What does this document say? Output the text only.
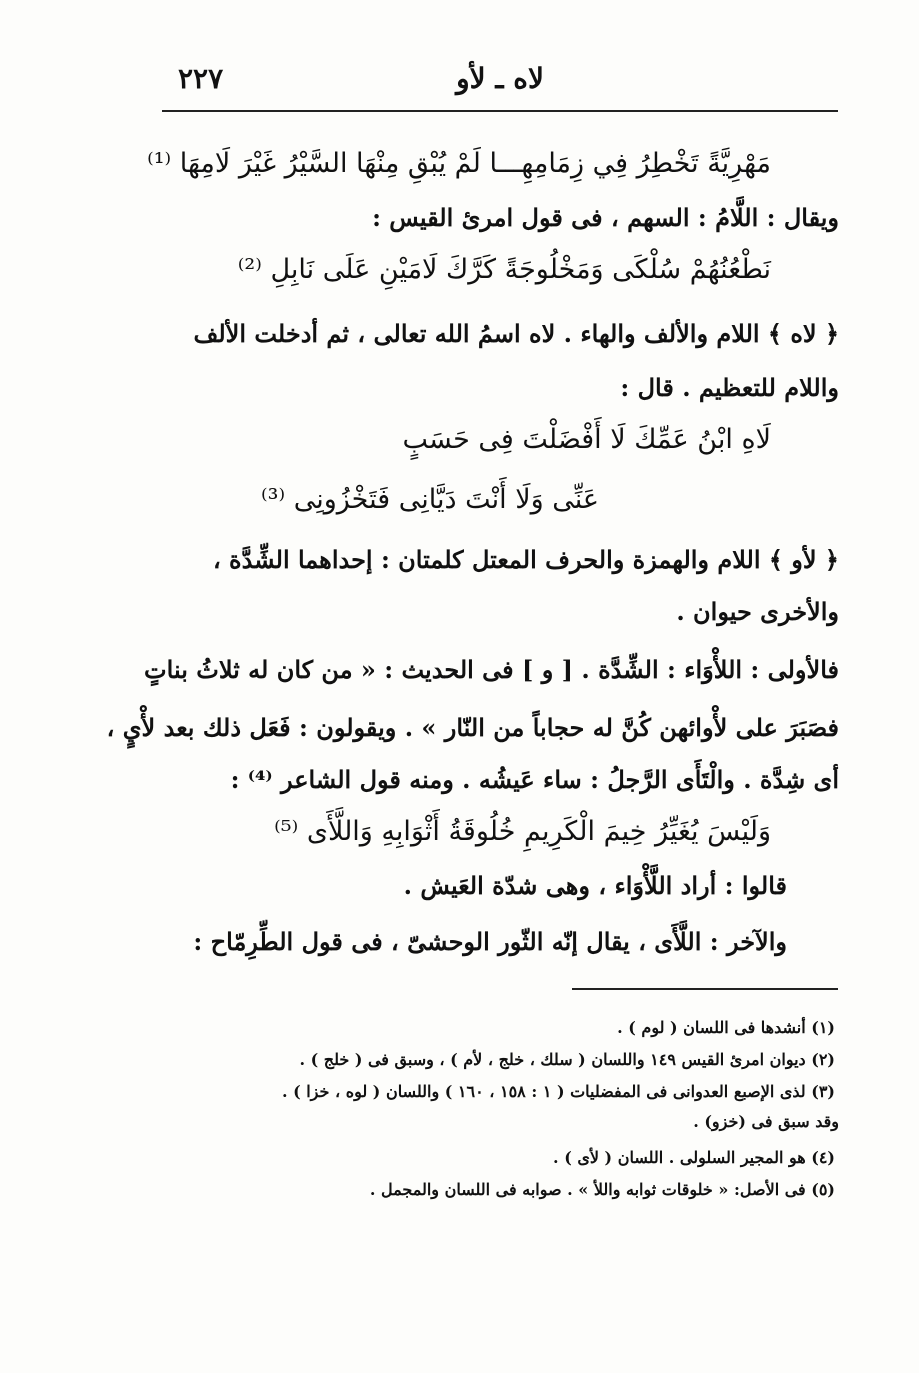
لاه ـ لأو
٢٢٧
مَهْرِيَّةً تَخْطِرُ فِي زِمَامِهِـــا لَمْ يُبْقِ مِنْهَا السَّيْرُ غَيْرَ لَامِهَا ⁽¹⁾
ويقال : اللَّامُ : السهم ، فى قول امرئ القيس :
نَطْعُنُهُمْ سُلْكَى وَمَخْلُوجَةً كَرَّكَ لَامَيْنِ عَلَى نَابِلِ ⁽²⁾
﴿ لاه ﴾ اللام والألف والهاء . لاه اسمُ الله تعالى ، ثم أدخلت الألف
واللام للتعظيم . قال :
لَاهِ ابْنُ عَمِّكَ لَا أَفْضَلْتَ فِى حَسَبٍ
عَنِّى وَلَا أَنْتَ دَيَّانِى فَتَخْزُونِى ⁽³⁾
﴿ لأو ﴾ اللام والهمزة والحرف المعتل كلمتان : إحداهما الشِّدَّة ،
والأخرى حيوان .
فالأولى : اللأْوَاء : الشِّدَّة . [ و ] فى الحديث : « من كان له ثلاثُ بناتٍ
فصَبَرَ على لأْوائهن كُنَّ له حجاباً من النّار » . ويقولون : فَعَل ذلك بعد لأْيٍ ،
أى شِدَّة . والْتَأَى الرَّجلُ : ساء عَيشُه . ومنه قول الشاعر ⁽⁴⁾ :
وَلَيْسَ يُغَيِّرُ خِيمَ الْكَرِيمِ خُلُوقَةُ أَثْوَابِهِ وَاللَّأَى ⁽⁵⁾
قالوا : أراد اللَّأْوَاء ، وهى شدّة العَيش .
والآخر : اللَّأَى ، يقال إنّه الثّور الوحشىّ ، فى قول الطِّرِمّاح :
(١) أنشدها فى اللسان ( لوم ) .
(٢) ديوان امرئ القيس ١٤٩ واللسان ( سلك ، خلج ، لأم ) ، وسبق فى ( خلج ) .
(٣) لذى الإصبع العدوانى فى المفضليات ( ١ : ١٥٨ ، ١٦٠ ) واللسان ( لوه ، خزا ) .
وقد سبق فى (خزو) .
(٤) هو المجير السلولى . اللسان ( لأى ) .
(٥) فى الأصل: « خلوقات ثوابه واللأ » . صوابه فى اللسان والمجمل .
